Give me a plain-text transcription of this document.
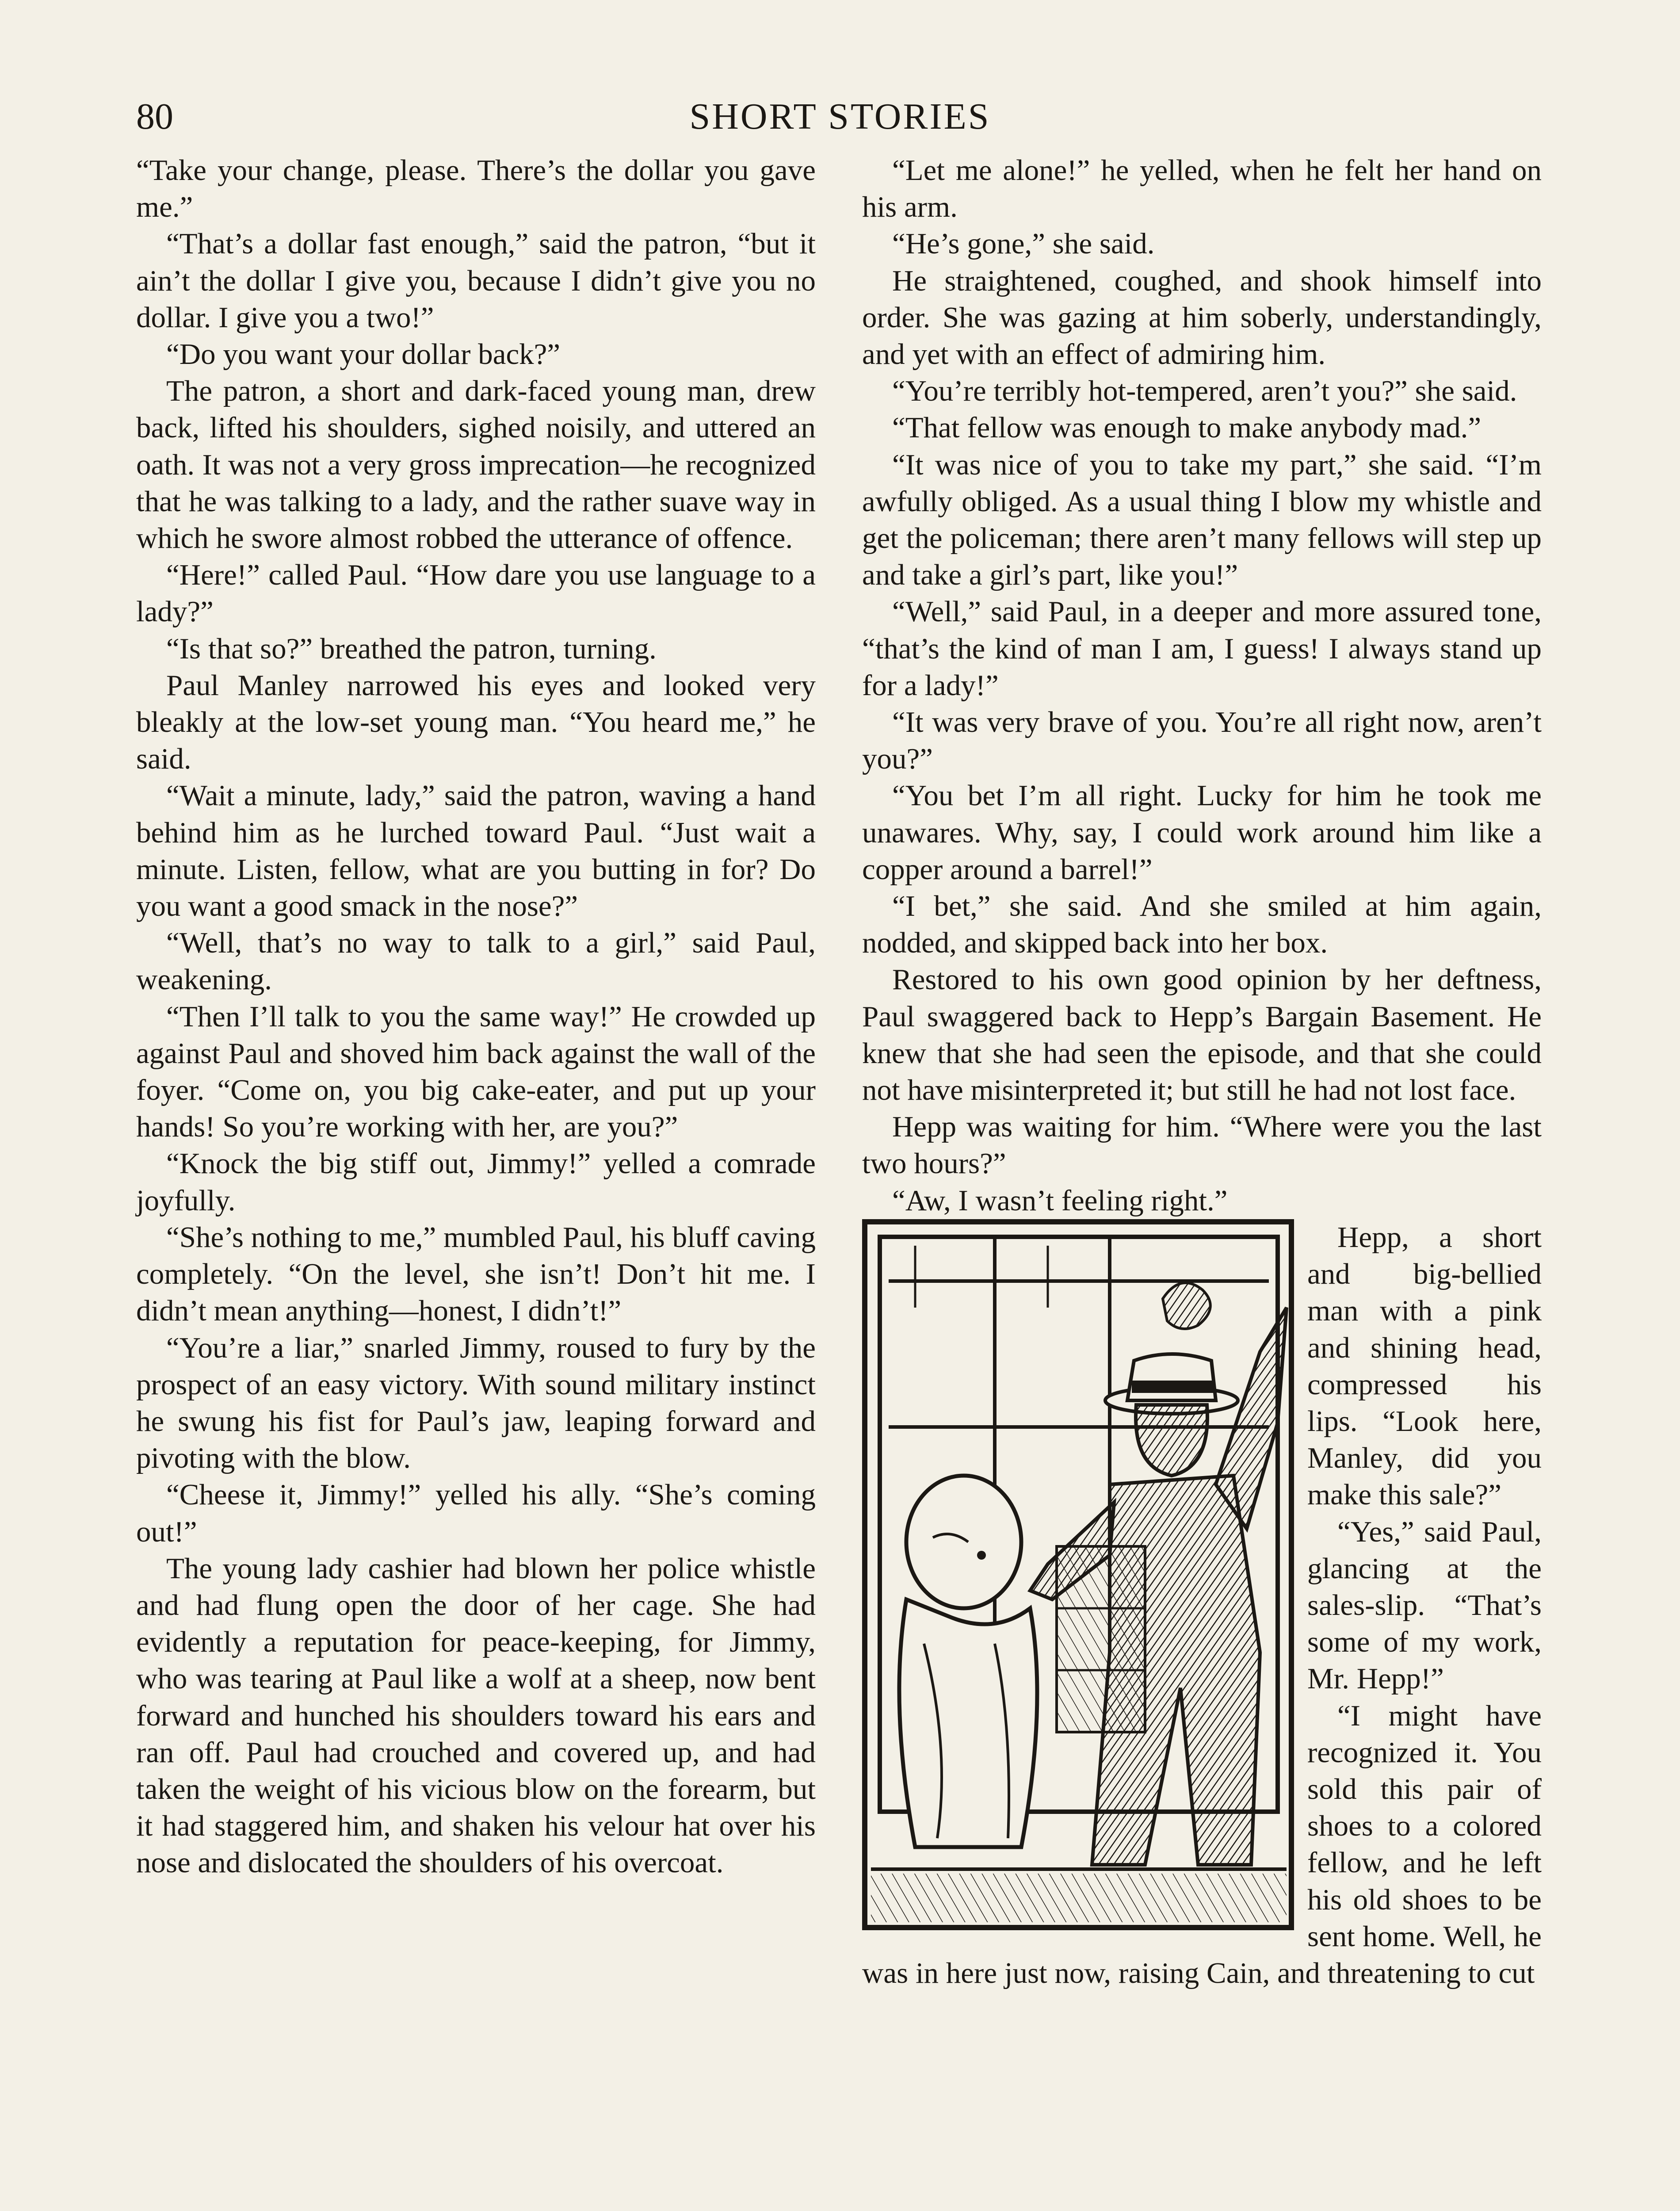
80	SHORT STORIES

“Take your change, please. There’s the dollar you gave me.”

“That’s a dollar fast enough,” said the patron, “but it ain’t the dollar I give you, because I didn’t give you no dollar. I give you a two!”

“Do you want your dollar back?”

The patron, a short and dark-faced young man, drew back, lifted his shoulders, sighed noisily, and uttered an oath. It was not a very gross imprecation—he recognized that he was talking to a lady, and the rather suave way in which he swore almost robbed the utterance of offence.

“Here!” called Paul. “How dare you use language to a lady?”

“Is that so?” breathed the patron, turning.

Paul Manley narrowed his eyes and looked very bleakly at the low-set young man. “You heard me,” he said.

“Wait a minute, lady,” said the patron, waving a hand behind him as he lurched toward Paul. “Just wait a minute. Listen, fellow, what are you butting in for? Do you want a good smack in the nose?”

“Well, that’s no way to talk to a girl,” said Paul, weakening.

“Then I’ll talk to you the same way!” He crowded up against Paul and shoved him back against the wall of the foyer. “Come on, you big cake-eater, and put up your hands! So you’re working with her, are you?”

“Knock the big stiff out, Jimmy!” yelled a comrade joyfully.

“She’s nothing to me,” mumbled Paul, his bluff caving completely. “On the level, she isn’t! Don’t hit me. I didn’t mean anything—honest, I didn’t!”

“You’re a liar,” snarled Jimmy, roused to fury by the prospect of an easy victory. With sound military instinct he swung his fist for Paul’s jaw, leaping forward and pivoting with the blow.

“Cheese it, Jimmy!” yelled his ally. “She’s coming out!”

The young lady cashier had blown her police whistle and had flung open the door of her cage. She had evidently a reputation for peace-keeping, for Jimmy, who was tearing at Paul like a wolf at a sheep, now bent forward and hunched his shoulders toward his ears and ran off. Paul had crouched and covered up, and had taken the weight of his vicious blow on the forearm, but it had staggered him, and shaken his velour hat over his nose and dislocated the shoulders of his overcoat.

“Let me alone!” he yelled, when he felt her hand on his arm.

“He’s gone,” she said.

He straightened, coughed, and shook himself into order. She was gazing at him soberly, understandingly, and yet with an effect of admiring him.

“You’re terribly hot-tempered, aren’t you?” she said.

“That fellow was enough to make anybody mad.”

“It was nice of you to take my part,” she said. “I’m awfully obliged. As a usual thing I blow my whistle and get the policeman; there aren’t many fellows will step up and take a girl’s part, like you!”

“Well,” said Paul, in a deeper and more assured tone, “that’s the kind of man I am, I guess! I always stand up for a lady!”

“It was very brave of you. You’re all right now, aren’t you?”

“You bet I’m all right. Lucky for him he took me unawares. Why, say, I could work around him like a copper around a barrel!”

“I bet,” she said. And she smiled at him again, nodded, and skipped back into her box.

Restored to his own good opinion by her deftness, Paul swaggered back to Hepp’s Bargain Basement. He knew that she had seen the episode, and that she could not have misinterpreted it; but still he had not lost face.

Hepp was waiting for him. “Where were you the last two hours?”

“Aw, I wasn’t feeling right.”

Hepp, a short and big-bellied man with a pink and shining head, compressed his lips. “Look here, Manley, did you make this sale?”

“Yes,” said Paul, glancing at the sales-slip. “That’s some of my work, Mr. Hepp!”

“I might have recognized it. You sold this pair of shoes to a colored fellow, and he left his old shoes to be sent home. Well, he was in here just now, raising Cain, and threatening to cut
